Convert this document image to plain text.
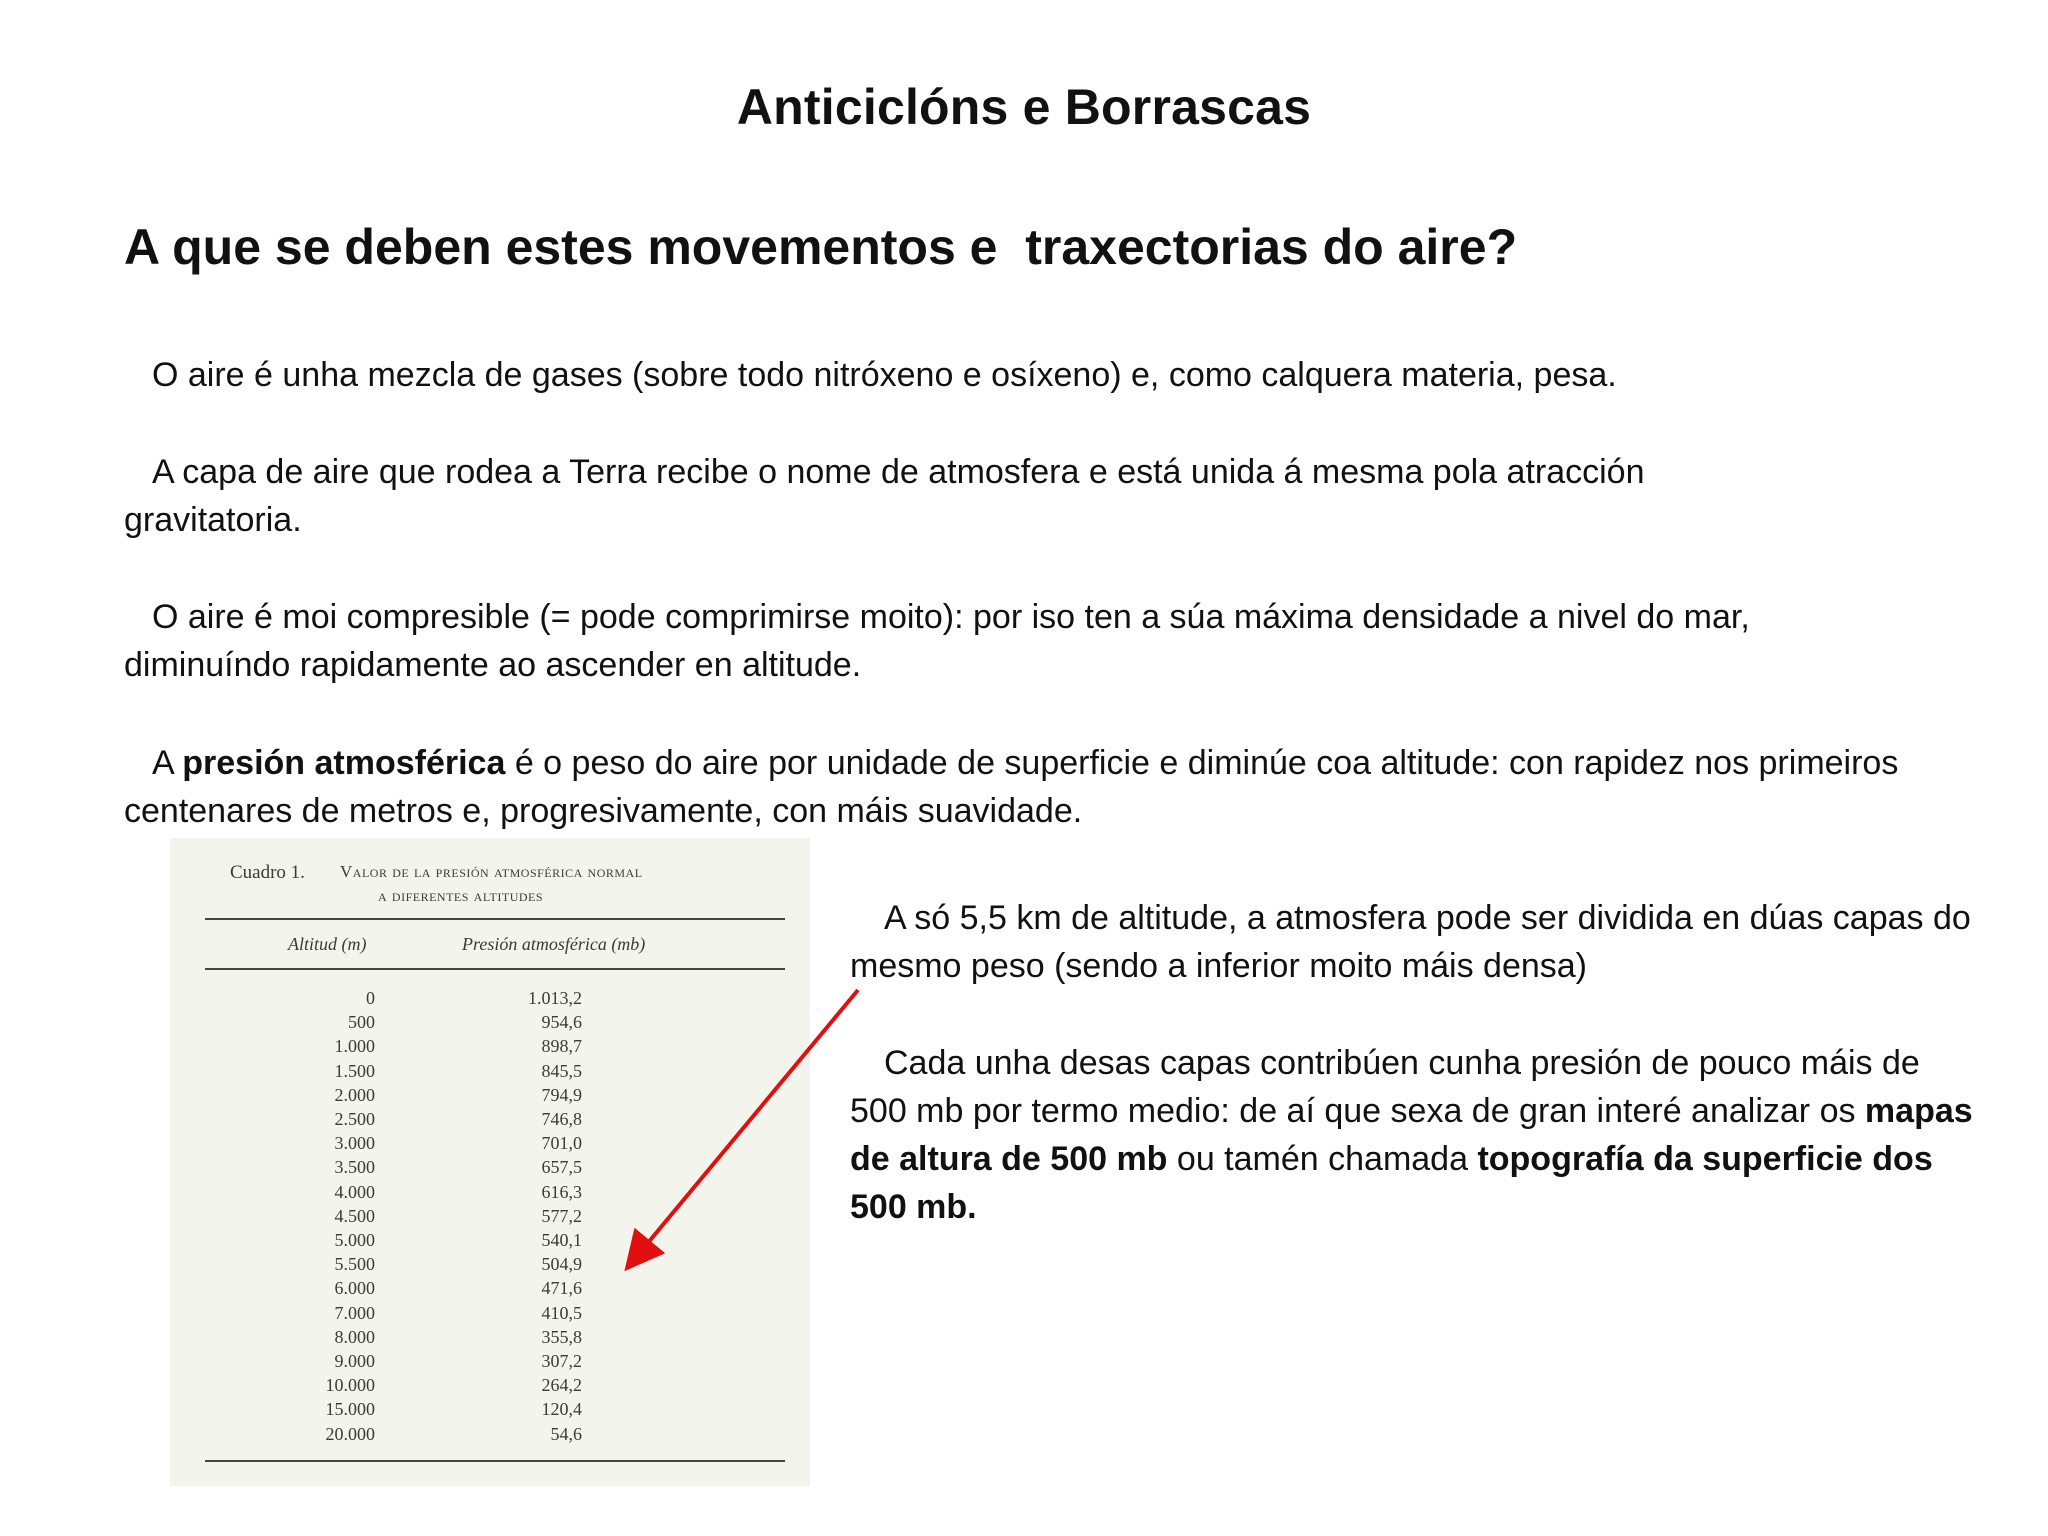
Anticiclóns e Borrascas
A que se deben estes movementos e  traxectorias do aire?

O aire é unha mezcla de gases (sobre todo nitróxeno e osíxeno) e, como calquera materia, pesa.

A capa de aire que rodea a Terra recibe o nome de atmosfera e está unida á mesma pola atracción gravitatoria.

O aire é moi compresible (= pode comprimirse moito): por iso ten a súa máxima densidade a nivel do mar, diminuíndo rapidamente ao ascender en altitude.

A presión atmosférica é o peso do aire por unidade de superficie e diminúe coa altitude: con rapidez nos primeiros centenares de metros e, progresivamente, con máis suavidade.

Cuadro 1. Valor de la presión atmosférica normal
a diferentes altitudes
Altitud (m)	Presión atmosférica (mb)
0	1.013,2
500	954,6
1.000	898,7
1.500	845,5
2.000	794,9
2.500	746,8
3.000	701,0
3.500	657,5
4.000	616,3
4.500	577,2
5.000	540,1
5.500	504,9
6.000	471,6
7.000	410,5
8.000	355,8
9.000	307,2
10.000	264,2
15.000	120,4
20.000	54,6

A só 5,5 km de altitude, a atmosfera pode ser dividida en dúas capas do mesmo peso (sendo a inferior moito máis densa)

Cada unha desas capas contribúen cunha presión de pouco máis de 500 mb por termo medio: de aí que sexa de gran interé analizar os mapas de altura de 500 mb ou tamén chamada topografía da superficie dos 500 mb.
